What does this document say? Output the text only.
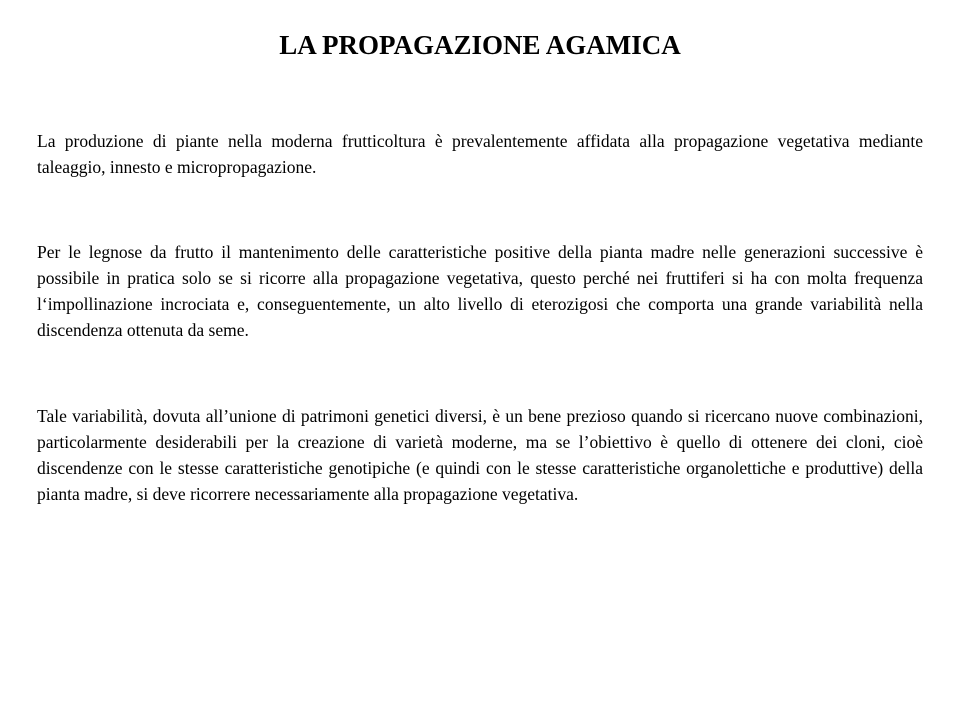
LA PROPAGAZIONE AGAMICA

La produzione di piante nella moderna frutticoltura è prevalentemente affidata alla propagazione vegetativa mediante taleaggio, innesto e micropropagazione.

Per le legnose da frutto il mantenimento delle caratteristiche positive della pianta madre nelle generazioni successive è possibile in pratica solo se si ricorre alla propagazione vegetativa, questo perché nei fruttiferi si ha con molta frequenza l‘impollinazione incrociata e, conseguentemente, un alto livello di eterozigosi che comporta una grande variabilità nella discendenza ottenuta da seme.

Tale variabilità, dovuta all’unione di patrimoni genetici diversi, è un bene prezioso quando si ricercano nuove combinazioni, particolarmente desiderabili per la creazione di varietà moderne, ma se l’obiettivo è quello di ottenere dei cloni, cioè discendenze con le stesse caratteristiche genotipiche (e quindi con le stesse caratteristiche organolettiche e produttive) della pianta madre, si deve ricorrere necessariamente alla propagazione vegetativa.
